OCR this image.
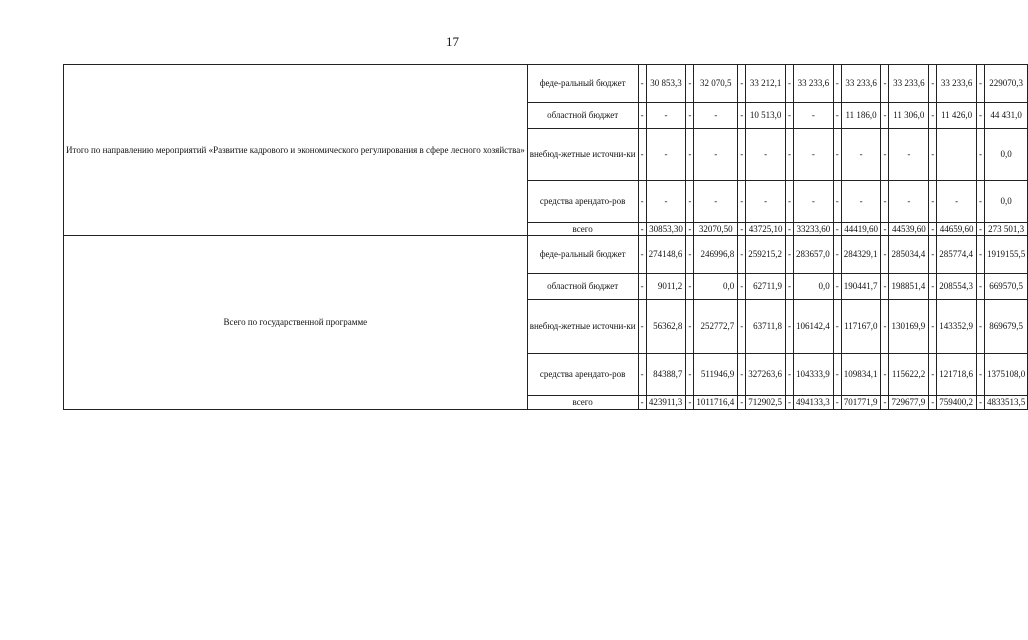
17
Итого по направлению мероприятий «Развитие кадрового и экономического регулирования в сфере лесного хозяйства»	феде-ральный бюджет	-	30 853,3	-	32 070,5	-	33 212,1	-	33 233,6	-	33 233,6	-	33 233,6	-	33 233,6	-	229070,3
	областной бюджет	-	-	-	-	-	10 513,0	-	-	-	11 186,0	-	11 306,0	-	11 426,0	-	44 431,0
	внебюд-жетные источни-ки	-	-	-	-	-	-	-	-	-	-	-	-	-		-	0,0
	средства арендато-ров	-	-	-	-	-	-	-	-	-	-	-	-	-	-	-	0,0
	всего	-	30853,30	-	32070,50	-	43725,10	-	33233,60	-	44419,60	-	44539,60	-	44659,60	-	273 501,3
Всего по государственной программе	феде-ральный бюджет	-	274148,6	-	246996,8	-	259215,2	-	283657,0	-	284329,1	-	285034,4	-	285774,4	-	1919155,5
	областной бюджет	-	9011,2	-	0,0	-	62711,9	-	0,0	-	190441,7	-	198851,4	-	208554,3	-	669570,5
	внебюд-жетные источни-ки	-	56362,8	-	252772,7	-	63711,8	-	106142,4	-	117167,0	-	130169,9	-	143352,9	-	869679,5
	средства арендато-ров	-	84388,7	-	511946,9	-	327263,6	-	104333,9	-	109834,1	-	115622,2	-	121718,6	-	1375108,0
	всего	-	423911,3	-	1011716,4	-	712902,5	-	494133,3	-	701771,9	-	729677,9	-	759400,2	-	4833513,5
